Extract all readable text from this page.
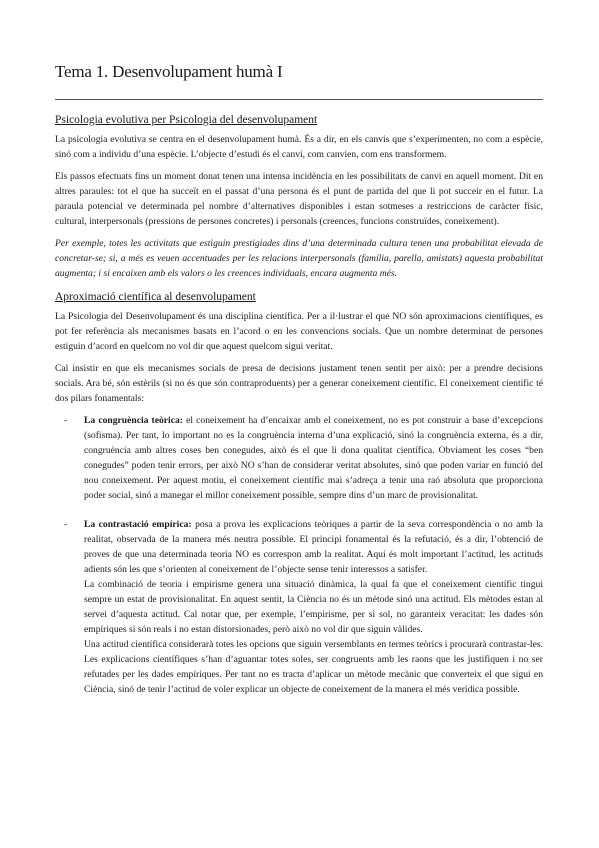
Tema 1. Desenvolupament humà I
Psicologia evolutiva per Psicologia del desenvolupament

La psicologia evolutiva se centra en el desenvolupament humà. És a dir, en els canvis que s’experimenten, no com a espècie, sinó com a individu d’una espècie. L’objecte d’estudi és el canvi, com canvien, com ens transformem.

Els passos efectuats fins un moment donat tenen una intensa incidència en les possibilitats de canvi en aquell moment. Dit en altres paraules: tot el que ha succeït en el passat d’una persona és el punt de partida del que li pot succeir en el futur. La paraula potencial ve determinada pel nombre d’alternatives disponibles i estan sotmeses a restriccions de caràcter físic, cultural, interpersonals (pressions de persones concretes) i personals (creences, funcions construïdes, coneixement).

Per exemple, totes les activitats que estiguin prestigiades dins d’una determinada cultura tenen una probabilitat elevada de concretar-se; si, a més es veuen accentuades per les relacions interpersonals (família, parella, amistats) aquesta probabilitat augmenta; i si encaixen amb els valors o les creences individuals, encara augmenta més.

Aproximació científica al desenvolupament

La Psicologia del Desenvolupament és una disciplina científica. Per a il·lustrar el que NO són aproximacions científiques, es pot fer referència als mecanismes basats en l’acord o en les convencions socials. Que un nombre determinat de persones estiguin d’acord en quelcom no vol dir que aquest quelcom sigui veritat.

Cal insistir en que els mecanismes socials de presa de decisions justament tenen sentit per això: per a prendre decisions socials. Ara bé, són estèrils (si no és que són contraproduents) per a generar coneixement científic. El coneixement científic té dos pilars fonamentals:

- La congruència teòrica: el coneixement ha d’encaixar amb el coneixement, no es pot construir a base d’excepcions (sofisma). Per tant, lo important no es la congruència interna d’una explicació, sinó la congruència externa, és a dir, congruència amb altres coses ben conegudes, això és el que li dona qualitat científica. Obviament les coses “ben conegudes” poden tenir errors, per això NO s’han de considerar veritat absolutes, sinó que poden variar en funció del nou coneixement. Per aquest motiu, el coneixement científic mai s’adreça a tenir una raó absoluta que proporciona poder social, sinó a manegar el millor coneixement possible, sempre dins d’un marc de provisionalitat.

- La contrastació empírica: posa a prova les explicacions teòriques a partir de la seva correspondència o no amb la realitat, observada de la manera més neutra possible. El principi fonamental és la refutació, és a dir, l’obtenció de proves de que una determinada teoria NO es correspon amb la realitat. Aquí és molt important l’actitud, les actituds adients són les que s’orienten al coneixement de l’objecte sense tenir interessos a satisfer.

La combinació de teoria i empirisme genera una situació dinàmica, la qual fa que el coneixement científic tingui sempre un estat de provisionalitat. En aquest sentit, la Ciència no és un mètode sinó una actitud. Els mètodes estan al servei d’aquesta actitud. Cal notar que, per exemple, l’empirisme, per si sol, no garanteix veracitat: les dades són empíriques si són reals i no estan distorsionades, però això no vol dir que siguin vàlides.

Una actitud científica considerarà totes les opcions que siguin versemblants en termes teòrics i procurarà contrastar-les. Les explicacions científiques s’han d’aguantar totes soles, ser congruents amb les raons que les justifiquen i no ser refutades per les dades empíriques. Per tant no es tracta d’aplicar un mètode mecànic que converteix el que sigui en Ciència, sinó de tenir l’actitud de voler explicar un objecte de coneixement de la manera el més verídica possible.
